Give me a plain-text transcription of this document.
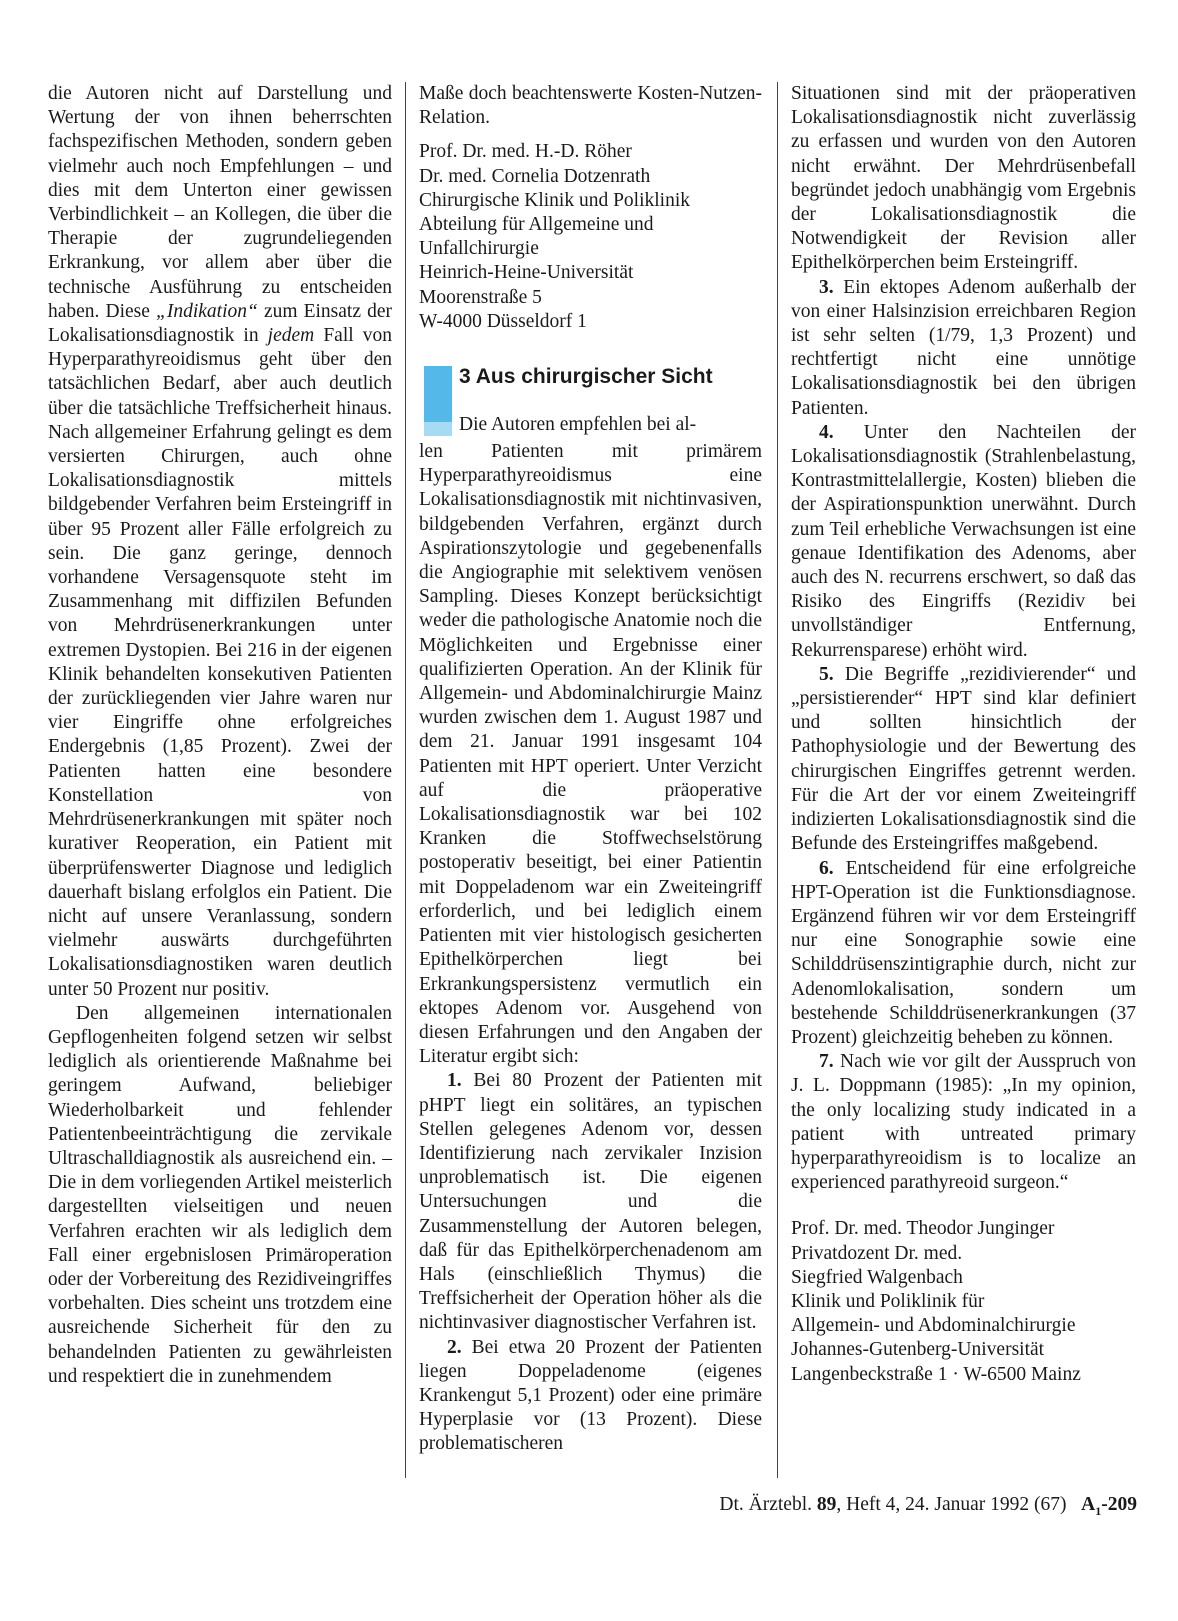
die Autoren nicht auf Darstellung und Wertung der von ihnen beherrschten fachspezifischen Methoden, sondern geben vielmehr auch noch Empfehlungen – und dies mit dem Unterton einer gewissen Verbindlichkeit – an Kollegen, die über die Therapie der zugrundeliegenden Erkrankung, vor allem aber über die technische Ausführung zu entscheiden haben. Diese „Indikation“ zum Einsatz der Lokalisationsdiagnostik in jedem Fall von Hyperparathyreoidismus geht über den tatsächlichen Bedarf, aber auch deutlich über die tatsächliche Treffsicherheit hinaus. Nach allgemeiner Erfahrung gelingt es dem versierten Chirurgen, auch ohne Lokalisationsdiagnostik mittels bildgebender Verfahren beim Ersteingriff in über 95 Prozent aller Fälle erfolgreich zu sein. Die ganz geringe, dennoch vorhandene Versagensquote steht im Zusammenhang mit diffizilen Befunden von Mehrdrüsenerkrankungen unter extremen Dystopien. Bei 216 in der eigenen Klinik behandelten konsekutiven Patienten der zurückliegenden vier Jahre waren nur vier Eingriffe ohne erfolgreiches Endergebnis (1,85 Prozent). Zwei der Patienten hatten eine besondere Konstellation von Mehrdrüsenerkrankungen mit später noch kurativer Reoperation, ein Patient mit überprüfenswerter Diagnose und lediglich dauerhaft bislang erfolglos ein Patient. Die nicht auf unsere Veranlassung, sondern vielmehr auswärts durchgeführten Lokalisationsdiagnostiken waren deutlich unter 50 Prozent nur positiv.

Den allgemeinen internationalen Gepflogenheiten folgend setzen wir selbst lediglich als orientierende Maßnahme bei geringem Aufwand, beliebiger Wiederholbarkeit und fehlender Patientenbeeinträchtigung die zervikale Ultraschalldiagnostik als ausreichend ein. – Die in dem vorliegenden Artikel meisterlich dargestellten vielseitigen und neuen Verfahren erachten wir als lediglich dem Fall einer ergebnislosen Primäroperation oder der Vorbereitung des Rezidiveingriffes vorbehalten. Dies scheint uns trotzdem eine ausreichende Sicherheit für den zu behandelnden Patienten zu gewährleisten und respektiert die in zunehmendem

Maße doch beachtenswerte Kosten-Nutzen-Relation.

Prof. Dr. med. H.-D. Röher
Dr. med. Cornelia Dotzenrath
Chirurgische Klinik und Poliklinik
Abteilung für Allgemeine und
Unfallchirurgie
Heinrich-Heine-Universität
Moorenstraße 5
W-4000 Düsseldorf 1
3 Aus chirurgischer Sicht
Die Autoren empfehlen bei al-

len Patienten mit primärem Hyperparathyreoidismus eine Lokalisationsdiagnostik mit nichtinvasiven, bildgebenden Verfahren, ergänzt durch Aspirationszytologie und gegebenenfalls die Angiographie mit selektivem venösen Sampling. Dieses Konzept berücksichtigt weder die pathologische Anatomie noch die Möglichkeiten und Ergebnisse einer qualifizierten Operation. An der Klinik für Allgemein- und Abdominalchirurgie Mainz wurden zwischen dem 1. August 1987 und dem 21. Januar 1991 insgesamt 104 Patienten mit HPT operiert. Unter Verzicht auf die präoperative Lokalisationsdiagnostik war bei 102 Kranken die Stoffwechselstörung postoperativ beseitigt, bei einer Patientin mit Doppeladenom war ein Zweiteingriff erforderlich, und bei lediglich einem Patienten mit vier histologisch gesicherten Epithelkörperchen liegt bei Erkrankungspersistenz vermutlich ein ektopes Adenom vor. Ausgehend von diesen Erfahrungen und den Angaben der Literatur ergibt sich:

1. Bei 80 Prozent der Patienten mit pHPT liegt ein solitäres, an typischen Stellen gelegenes Adenom vor, dessen Identifizierung nach zervikaler Inzision unproblematisch ist. Die eigenen Untersuchungen und die Zusammenstellung der Autoren belegen, daß für das Epithelkörperchenadenom am Hals (einschließlich Thymus) die Treffsicherheit der Operation höher als die nichtinvasiver diagnostischer Verfahren ist.

2. Bei etwa 20 Prozent der Patienten liegen Doppeladenome (eigenes Krankengut 5,1 Prozent) oder eine primäre Hyperplasie vor (13 Prozent). Diese problematischeren

Situationen sind mit der präoperativen Lokalisationsdiagnostik nicht zuverlässig zu erfassen und wurden von den Autoren nicht erwähnt. Der Mehrdrüsenbefall begründet jedoch unabhängig vom Ergebnis der Lokalisationsdiagnostik die Notwendigkeit der Revision aller Epithelkörperchen beim Ersteingriff.

3. Ein ektopes Adenom außerhalb der von einer Halsinzision erreichbaren Region ist sehr selten (1/79, 1,3 Prozent) und rechtfertigt nicht eine unnötige Lokalisationsdiagnostik bei den übrigen Patienten.

4. Unter den Nachteilen der Lokalisationsdiagnostik (Strahlenbelastung, Kontrastmittelallergie, Kosten) blieben die der Aspirationspunktion unerwähnt. Durch zum Teil erhebliche Verwachsungen ist eine genaue Identifikation des Adenoms, aber auch des N. recurrens erschwert, so daß das Risiko des Eingriffs (Rezidiv bei unvollständiger Entfernung, Rekurrensparese) erhöht wird.

5. Die Begriffe „rezidivierender“ und „persistierender“ HPT sind klar definiert und sollten hinsichtlich der Pathophysiologie und der Bewertung des chirurgischen Eingriffes getrennt werden. Für die Art der vor einem Zweiteingriff indizierten Lokalisationsdiagnostik sind die Befunde des Ersteingriffes maßgebend.

6. Entscheidend für eine erfolgreiche HPT-Operation ist die Funktionsdiagnose. Ergänzend führen wir vor dem Ersteingriff nur eine Sonographie sowie eine Schilddrüsenszintigraphie durch, nicht zur Adenomlokalisation, sondern um bestehende Schilddrüsenerkrankungen (37 Prozent) gleichzeitig beheben zu können.

7. Nach wie vor gilt der Ausspruch von J. L. Doppmann (1985): „In my opinion, the only localizing study indicated in a patient with untreated primary hyperparathyreoidism is to localize an experienced parathyreoid surgeon.“

Prof. Dr. med. Theodor Junginger
Privatdozent Dr. med.
Siegfried Walgenbach
Klinik und Poliklinik für
Allgemein- und Abdominalchirurgie
Johannes-Gutenberg-Universität
Langenbeckstraße 1 · W-6500 Mainz
Dt. Ärztebl. 89, Heft 4, 24. Januar 1992 (67) $A_1-209$
